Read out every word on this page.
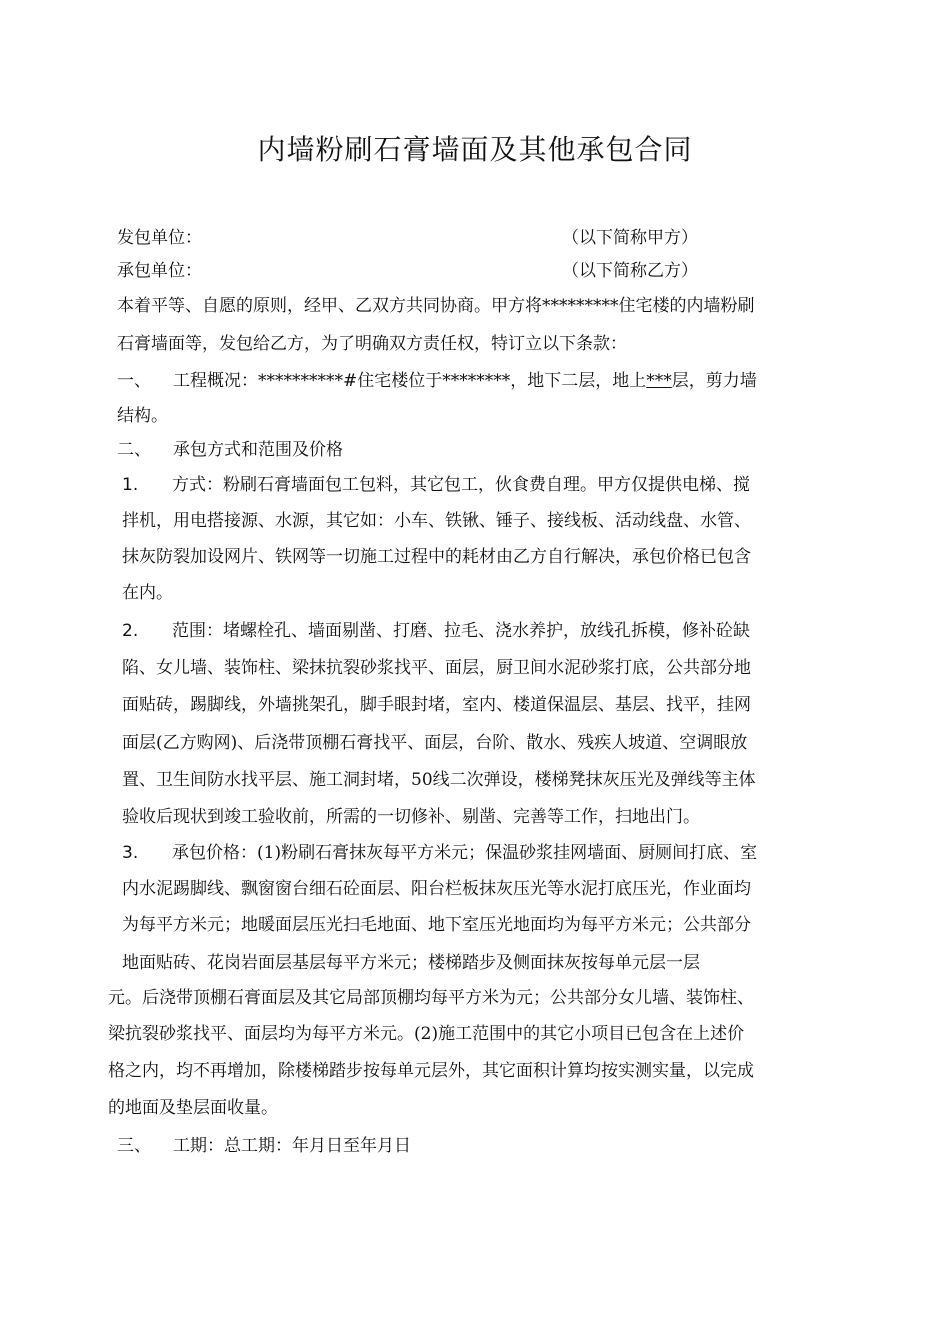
内墙粉刷石膏墙面及其他承包合同
发包单位：	（以下简称甲方）
承包单位：	（以下简称乙方）
本着平等、自愿的原则，经甲、乙双方共同协商。甲方将*********住宅楼的内墙粉刷
石膏墙面等，发包给乙方，为了明确双方责任权，特订立以下条款：
一、 工程概况：**********#住宅楼位于********，地下二层，地上***层，剪力墙
结构。
二、 承包方式和范围及价格
1. 方式：粉刷石膏墙面包工包料，其它包工，伙食费自理。甲方仅提供电梯、搅
拌机，用电搭接源、水源，其它如：小车、铁锹、锤子、接线板、活动线盘、水管、
抹灰防裂加设网片、铁网等一切施工过程中的耗材由乙方自行解决，承包价格已包含
在内。
2. 范围：堵螺栓孔、墙面剔凿、打磨、拉毛、浇水养护，放线孔拆模，修补砼缺
陷、女儿墙、装饰柱、梁抹抗裂砂浆找平、面层，厨卫间水泥砂浆打底，公共部分地
面贴砖，踢脚线，外墙挑架孔，脚手眼封堵，室内、楼道保温层、基层、找平，挂网
面层(乙方购网)、后浇带顶棚石膏找平、面层，台阶、散水、残疾人坡道、空调眼放
置、卫生间防水找平层、施工洞封堵，50线二次弹设，楼梯凳抹灰压光及弹线等主体
验收后现状到竣工验收前，所需的一切修补、剔凿、完善等工作，扫地出门。
3. 承包价格：(1)粉刷石膏抹灰每平方米元；保温砂浆挂网墙面、厨厕间打底、室
内水泥踢脚线、飘窗窗台细石砼面层、阳台栏板抹灰压光等水泥打底压光，作业面均
为每平方米元；地暖面层压光扫毛地面、地下室压光地面均为每平方米元；公共部分
地面贴砖、花岗岩面层基层每平方米元；楼梯踏步及侧面抹灰按每单元层一层
元。后浇带顶棚石膏面层及其它局部顶棚均每平方米为元；公共部分女儿墙、装饰柱、
梁抗裂砂浆找平、面层均为每平方米元。(2)施工范围中的其它小项目已包含在上述价
格之内，均不再增加，除楼梯踏步按每单元层外，其它面积计算均按实测实量，以完成
的地面及垫层面收量。
三、 工期：总工期：年月日至年月日
